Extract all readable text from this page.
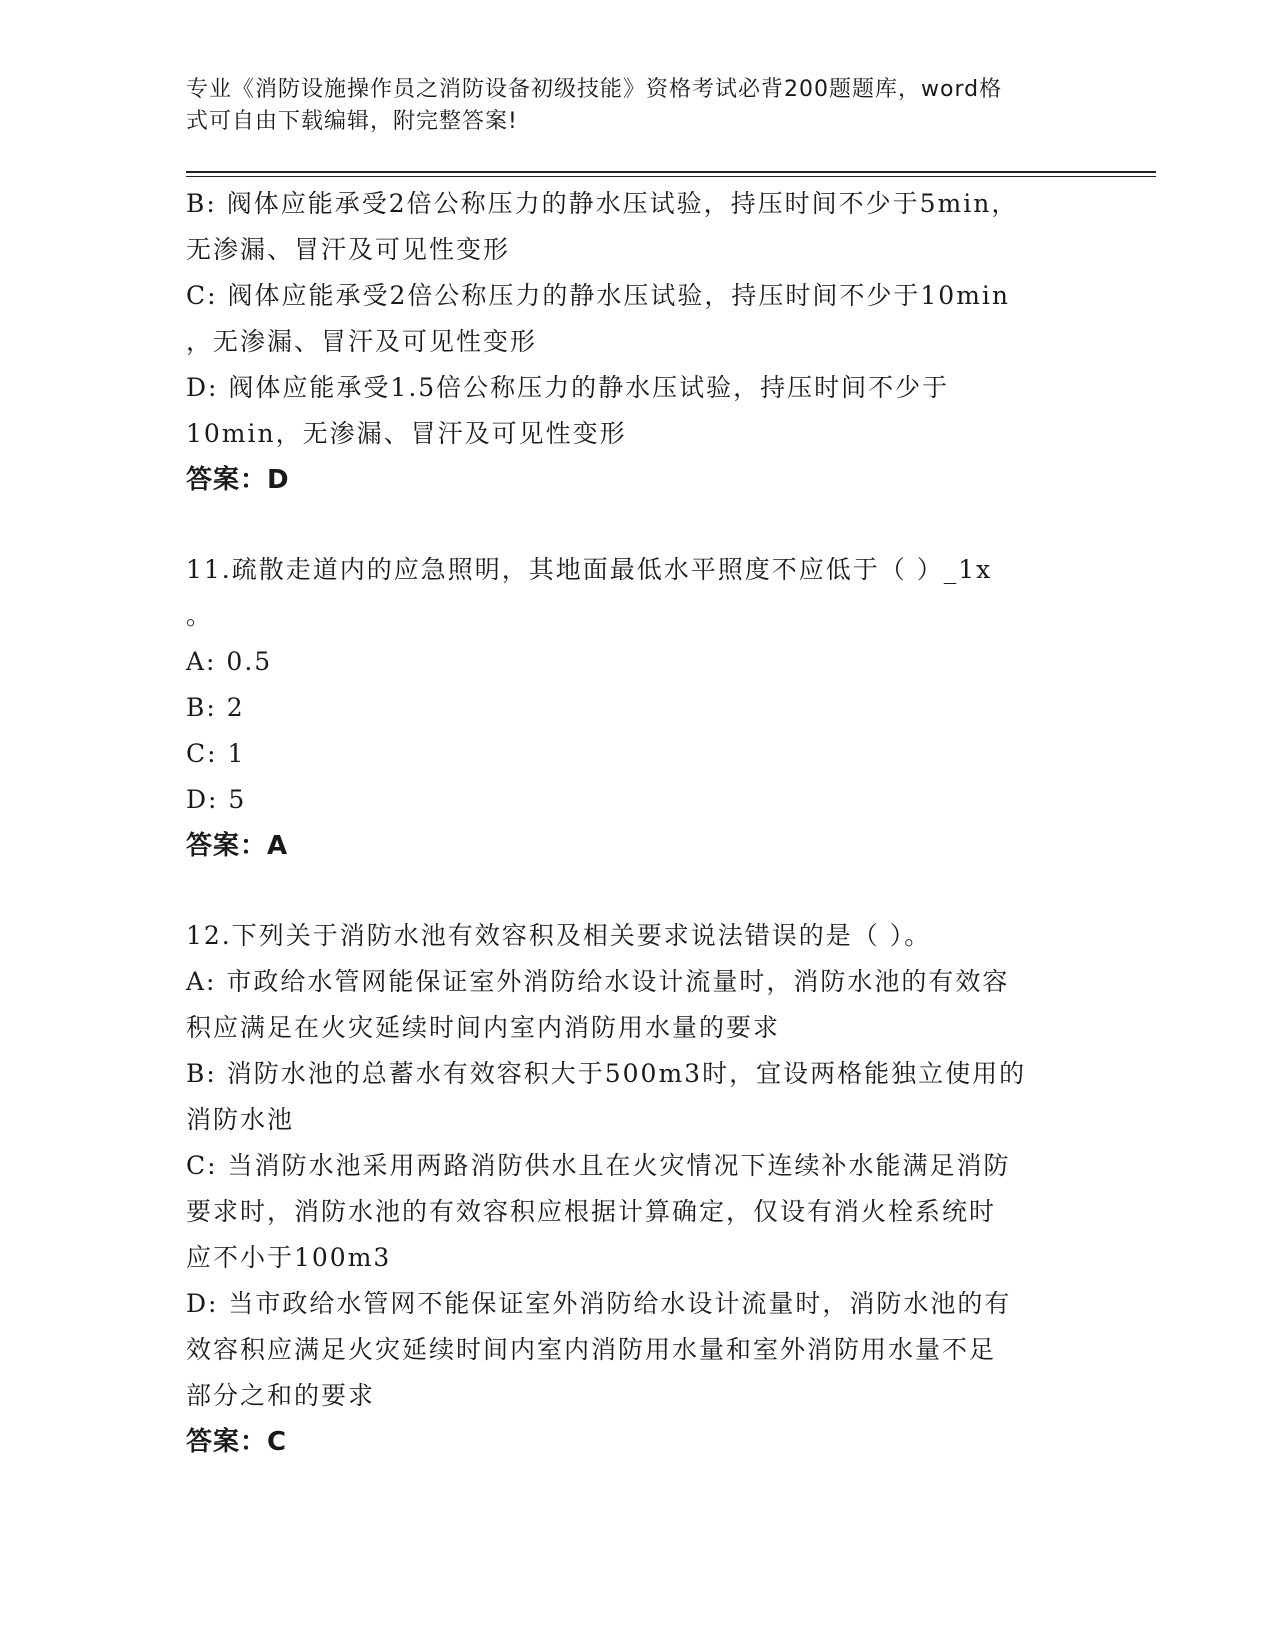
专业《消防设施操作员之消防设备初级技能》资格考试必背200题题库，word格
式可自由下载编辑，附完整答案!
B: 阀体应能承受2倍公称压力的静水压试验，持压时间不少于5min，
无渗漏、冒汗及可见性变形
C: 阀体应能承受2倍公称压力的静水压试验，持压时间不少于10min
，无渗漏、冒汗及可见性变形
D: 阀体应能承受1.5倍公称压力的静水压试验，持压时间不少于
10min，无渗漏、冒汗及可见性变形
答案：D
11.疏散走道内的应急照明，其地面最低水平照度不应低于（ ）_1x
。
A: 0.5
B: 2
C: 1
D: 5
答案：A
12.下列关于消防水池有效容积及相关要求说法错误的是（ ）。
A: 市政给水管网能保证室外消防给水设计流量时，消防水池的有效容
积应满足在火灾延续时间内室内消防用水量的要求
B: 消防水池的总蓄水有效容积大于500m3时，宜设两格能独立使用的
消防水池
C: 当消防水池采用两路消防供水且在火灾情况下连续补水能满足消防
要求时，消防水池的有效容积应根据计算确定，仅设有消火栓系统时
应不小于100m3
D: 当市政给水管网不能保证室外消防给水设计流量时，消防水池的有
效容积应满足火灾延续时间内室内消防用水量和室外消防用水量不足
部分之和的要求
答案：C
